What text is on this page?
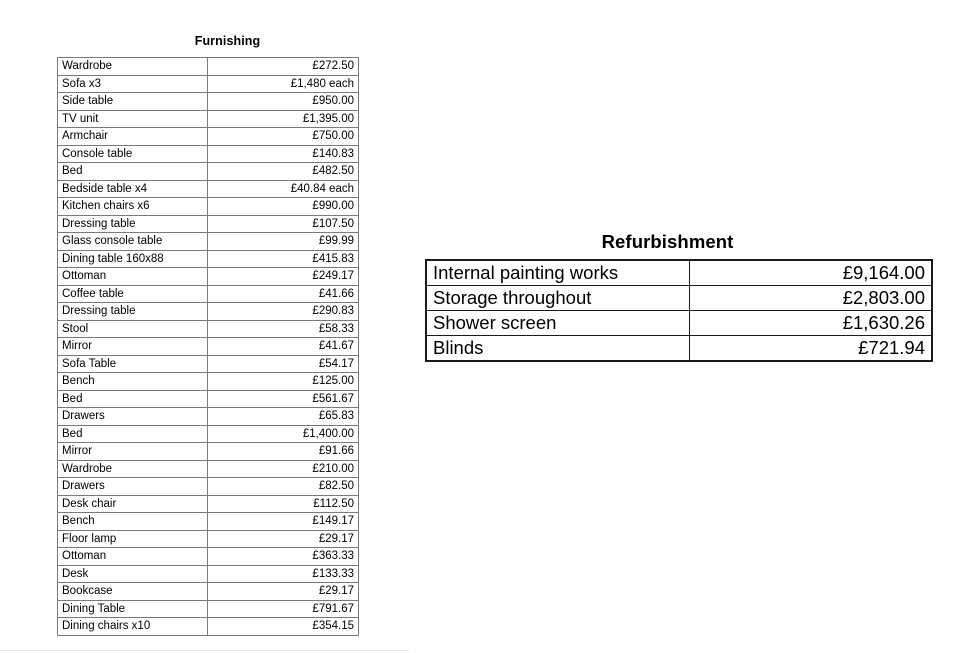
Furnishing
Wardrobe	£272.50
Sofa x3	£1,480 each
Side table	£950.00
TV unit	£1,395.00
Armchair	£750.00
Console table	£140.83
Bed	£482.50
Bedside table x4	£40.84 each
Kitchen chairs x6	£990.00
Dressing table	£107.50
Glass console table	£99.99
Dining table 160x88	£415.83
Ottoman	£249.17
Coffee table	£41.66
Dressing table	£290.83
Stool	£58.33
Mirror	£41.67
Sofa Table	£54.17
Bench	£125.00
Bed	£561.67
Drawers	£65.83
Bed	£1,400.00
Mirror	£91.66
Wardrobe	£210.00
Drawers	£82.50
Desk chair	£112.50
Bench	£149.17
Floor lamp	£29.17
Ottoman	£363.33
Desk	£133.33
Bookcase	£29.17
Dining Table	£791.67
Dining chairs x10	£354.15
Refurbishment
Internal painting works	£9,164.00
Storage throughout	£2,803.00
Shower screen	£1,630.26
Blinds	£721.94
